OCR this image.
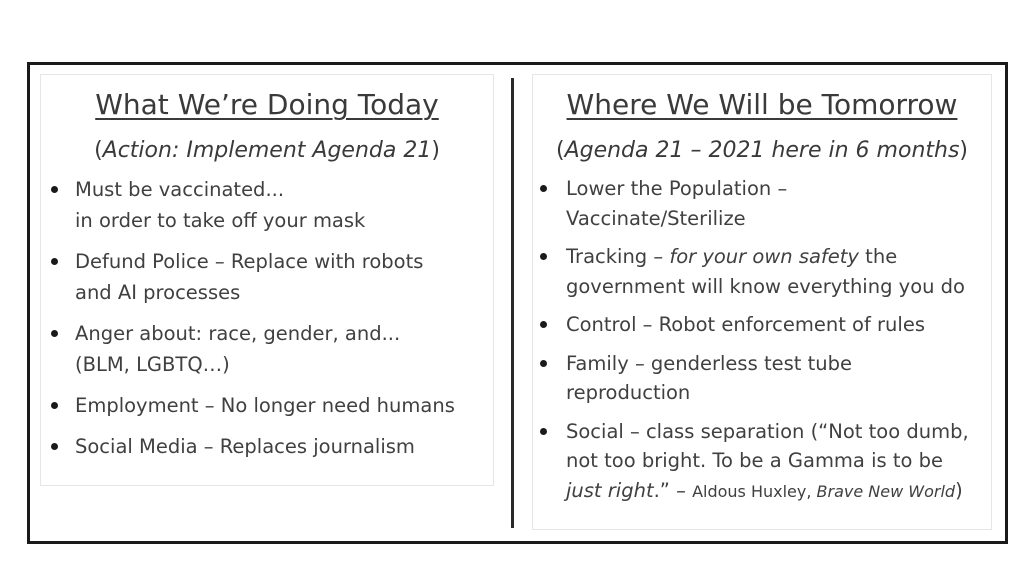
What We’re Doing Today
(Action: Implement Agenda 21)
Must be vaccinated...
in order to take off your mask
Defund Police – Replace with robots
and AI processes
Anger about: race, gender, and...
(BLM, LGBTQ…)
Employment – No longer need humans
Social Media – Replaces journalism
Where We Will be Tomorrow
(Agenda 21 – 2021 here in 6 months)
Lower the Population –
Vaccinate/Sterilize
Tracking – for your own safety the
government will know everything you do
Control – Robot enforcement of rules
Family – genderless test tube
reproduction
Social – class separation (“Not too dumb,
not too bright. To be a Gamma is to be
just right.” – Aldous Huxley, Brave New World)
